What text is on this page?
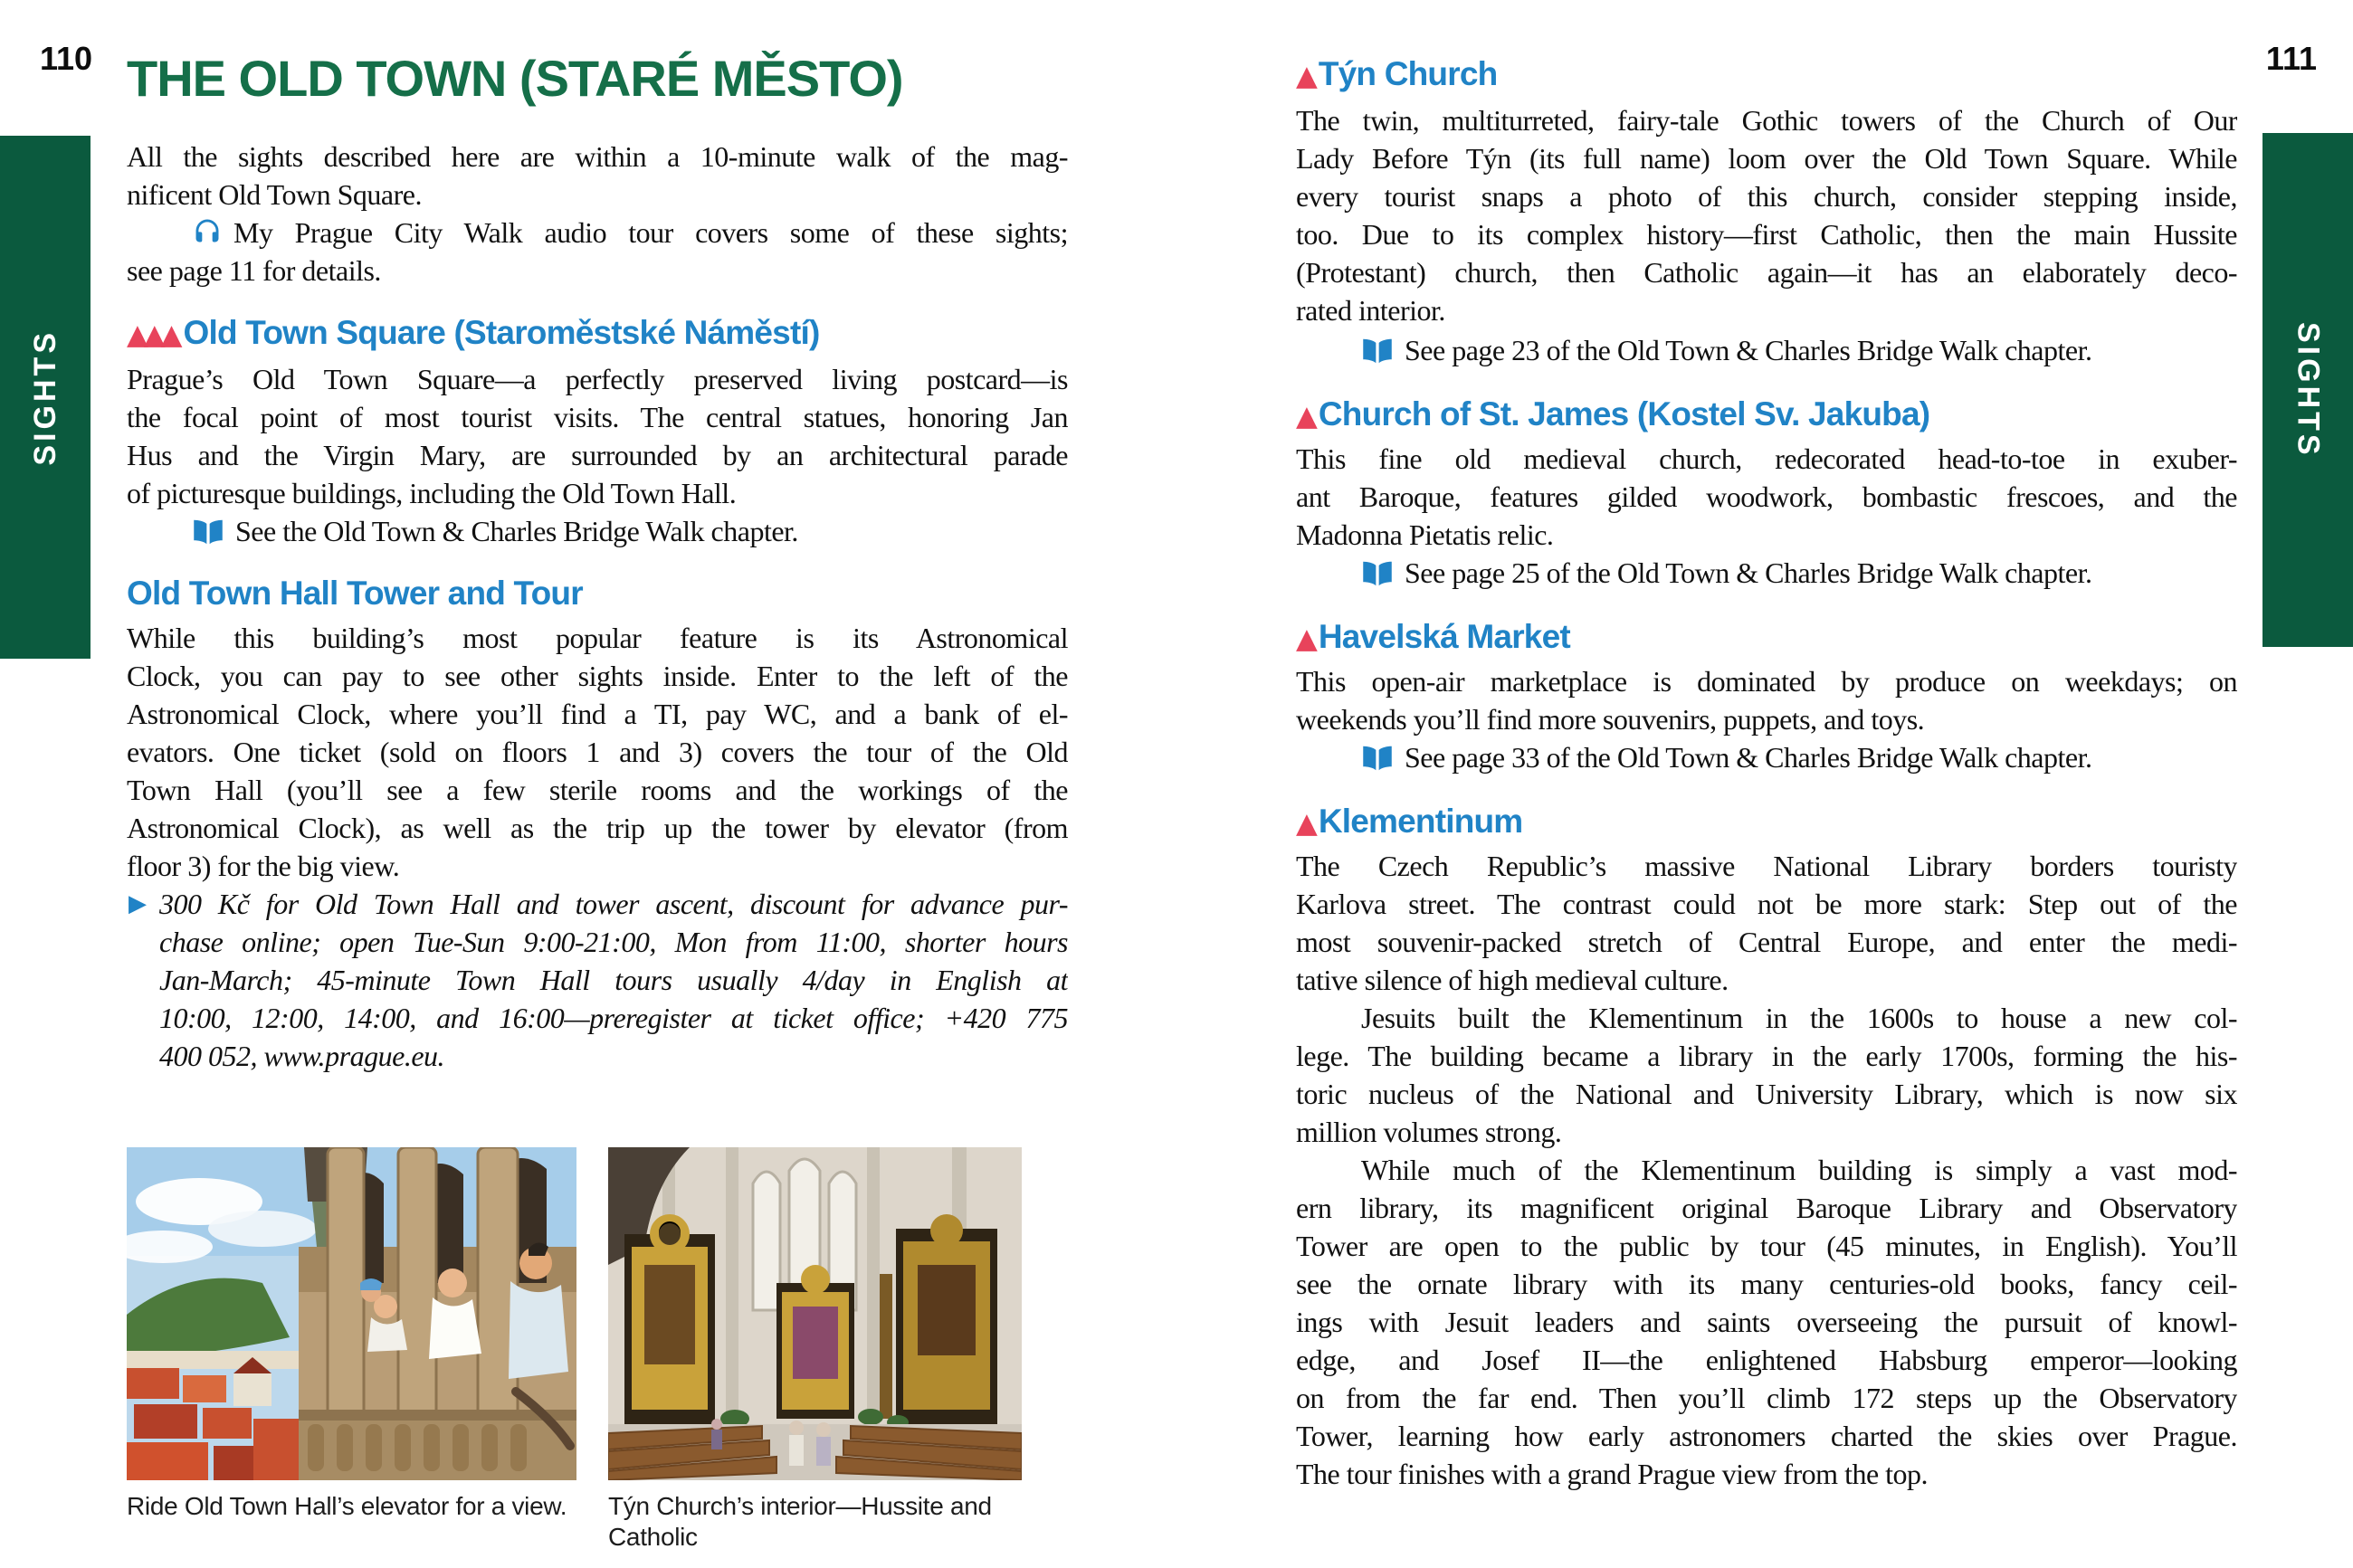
110	111
SIGHTS	SIGHTS
THE OLD TOWN (STARÉ MĚSTO)
All the sights described here are within a 10-minute walk of the mag-
nificent Old Town Square.
My Prague City Walk audio tour covers some of these sights;
see page 11 for details.
▲▲▲ Old Town Square (Staroměstské Náměstí)
Prague’s Old Town Square—a perfectly preserved living postcard—is
the focal point of most tourist visits. The central statues, honoring Jan
Hus and the Virgin Mary, are surrounded by an architectural parade
of picturesque buildings, including the Old Town Hall.
See the Old Town & Charles Bridge Walk chapter.
Old Town Hall Tower and Tour
While this building’s most popular feature is its Astronomical
Clock, you can pay to see other sights inside. Enter to the left of the
Astronomical Clock, where you’ll find a TI, pay WC, and a bank of el-
evators. One ticket (sold on floors 1 and 3) covers the tour of the Old
Town Hall (you’ll see a few sterile rooms and the workings of the
Astronomical Clock), as well as the trip up the tower by elevator (from
floor 3) for the big view.
▶ 300 Kč for Old Town Hall and tower ascent, discount for advance pur-
chase online; open Tue-Sun 9:00-21:00, Mon from 11:00, shorter hours
Jan-March; 45-minute Town Hall tours usually 4/day in English at
10:00, 12:00, 14:00, and 16:00—preregister at ticket office; +420 775
400 052, www.prague.eu.
Ride Old Town Hall’s elevator for a view. Týn Church’s interior—Hussite and Catholic
▲ Týn Church
The twin, multiturreted, fairy-tale Gothic towers of the Church of Our
Lady Before Týn (its full name) loom over the Old Town Square. While
every tourist snaps a photo of this church, consider stepping inside,
too. Due to its complex history—first Catholic, then the main Hussite
(Protestant) church, then Catholic again—it has an elaborately deco-
rated interior.
See page 23 of the Old Town & Charles Bridge Walk chapter.
▲ Church of St. James (Kostel Sv. Jakuba)
This fine old medieval church, redecorated head-to-toe in exuber-
ant Baroque, features gilded woodwork, bombastic frescoes, and the
Madonna Pietatis relic.
See page 25 of the Old Town & Charles Bridge Walk chapter.
▲ Havelská Market
This open-air marketplace is dominated by produce on weekdays; on
weekends you’ll find more souvenirs, puppets, and toys.
See page 33 of the Old Town & Charles Bridge Walk chapter.
▲ Klementinum
The Czech Republic’s massive National Library borders touristy
Karlova street. The contrast could not be more stark: Step out of the
most souvenir-packed stretch of Central Europe, and enter the medi-
tative silence of high medieval culture.
Jesuits built the Klementinum in the 1600s to house a new col-
lege. The building became a library in the early 1700s, forming the his-
toric nucleus of the National and University Library, which is now six
million volumes strong.
While much of the Klementinum building is simply a vast mod-
ern library, its magnificent original Baroque Library and Observatory
Tower are open to the public by tour (45 minutes, in English). You’ll
see the ornate library with its many centuries-old books, fancy ceil-
ings with Jesuit leaders and saints overseeing the pursuit of knowl-
edge, and Josef II—the enlightened Habsburg emperor—looking
on from the far end. Then you’ll climb 172 steps up the Observatory
Tower, learning how early astronomers charted the skies over Prague.
The tour finishes with a grand Prague view from the top.
